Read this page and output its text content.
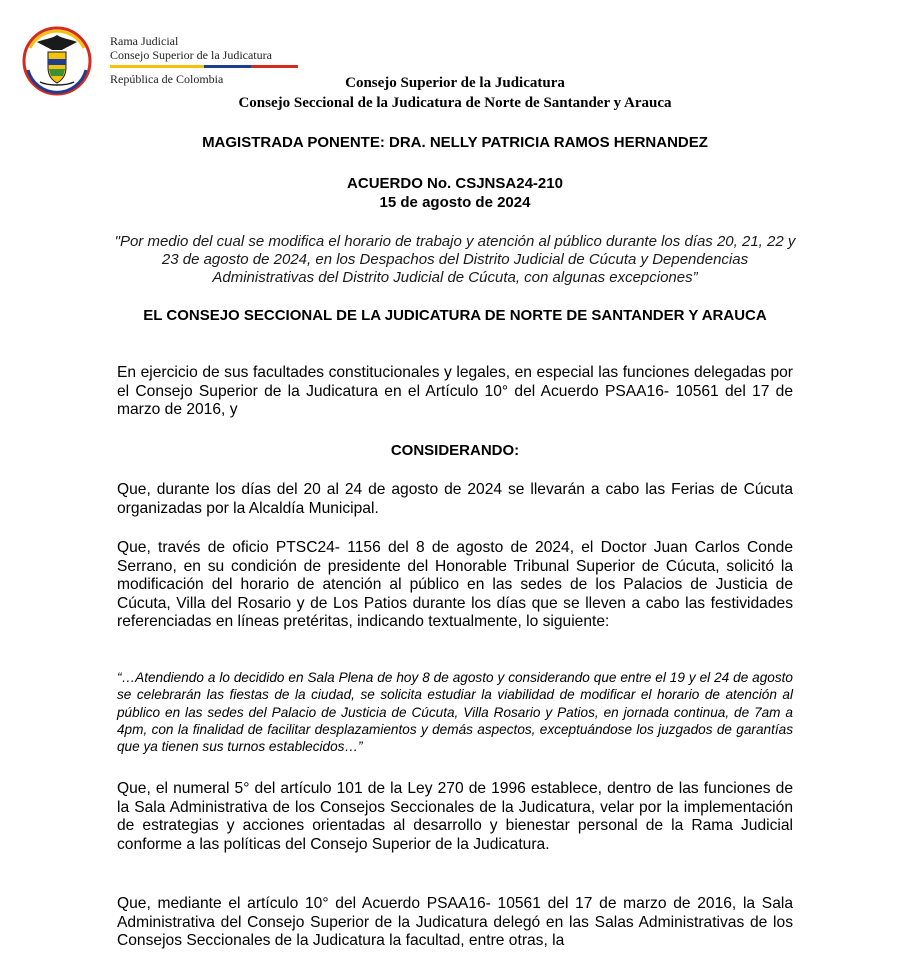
Rama Judicial
Consejo Superior de la Judicatura
República de Colombia	Consejo Superior de la Judicatura
Consejo Seccional de la Judicatura de Norte de Santander y Arauca
MAGISTRADA PONENTE: DRA. NELLY PATRICIA RAMOS HERNANDEZ
ACUERDO No. CSJNSA24-210
15 de agosto de 2024
"Por medio del cual se modifica el horario de trabajo y atención al público durante los días 20, 21, 22 y 23 de agosto de 2024, en los Despachos del Distrito Judicial de Cúcuta y Dependencias Administrativas del Distrito Judicial de Cúcuta, con algunas excepciones”
EL CONSEJO SECCIONAL DE LA JUDICATURA DE NORTE DE SANTANDER Y ARAUCA

En ejercicio de sus facultades constitucionales y legales, en especial las funciones delegadas por el Consejo Superior de la Judicatura en el Artículo 10° del Acuerdo PSAA16- 10561 del 17 de marzo de 2016, y

CONSIDERANDO:

Que, durante los días del 20 al 24 de agosto de 2024 se llevarán a cabo las Ferias de Cúcuta organizadas por la Alcaldía Municipal.

Que, través de oficio PTSC24- 1156 del 8 de agosto de 2024, el Doctor Juan Carlos Conde Serrano, en su condición de presidente del Honorable Tribunal Superior de Cúcuta, solicitó la modificación del horario de atención al público en las sedes de los Palacios de Justicia de Cúcuta, Villa del Rosario y de Los Patios durante los días que se lleven a cabo las festividades referenciadas en líneas pretéritas, indicando textualmente, lo siguiente:

“…Atendiendo a lo decidido en Sala Plena de hoy 8 de agosto y considerando que entre el 19 y el 24 de agosto se celebrarán las fiestas de la ciudad, se solicita estudiar la viabilidad de modificar el horario de atención al público en las sedes del Palacio de Justicia de Cúcuta, Villa Rosario y Patios, en jornada continua, de 7am a 4pm, con la finalidad de facilitar desplazamientos y demás aspectos, exceptuándose los juzgados de garantías que ya tienen sus turnos establecidos…”

Que, el numeral 5° del artículo 101 de la Ley 270 de 1996 establece, dentro de las funciones de la Sala Administrativa de los Consejos Seccionales de la Judicatura, velar por la implementación de estrategias y acciones orientadas al desarrollo y bienestar personal de la Rama Judicial conforme a las políticas del Consejo Superior de la Judicatura.

Que, mediante el artículo 10° del Acuerdo PSAA16- 10561 del 17 de marzo de 2016, la Sala Administrativa del Consejo Superior de la Judicatura delegó en las Salas Administrativas de los Consejos Seccionales de la Judicatura la facultad, entre otras, la
